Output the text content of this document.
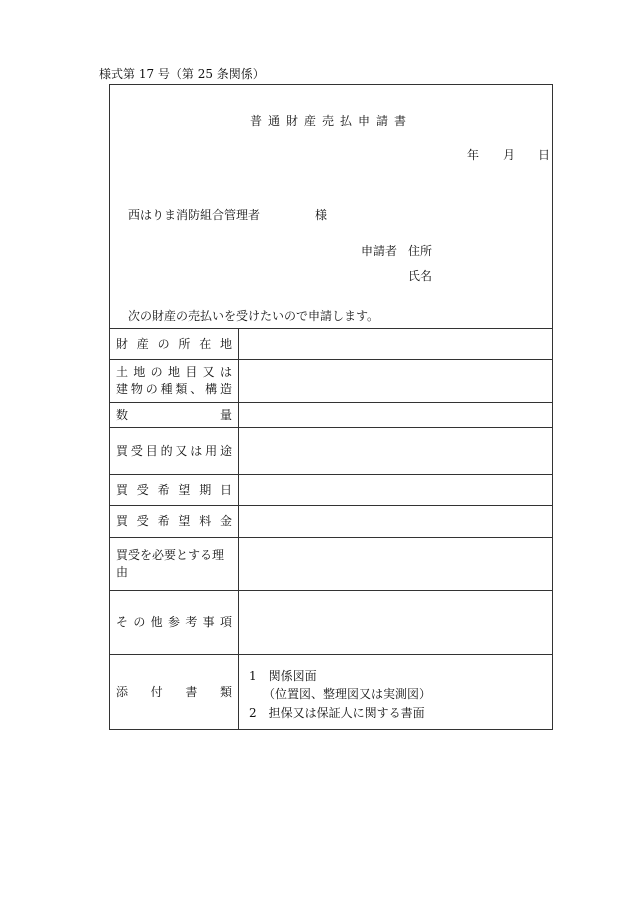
様式第 17 号（第 25 条関係）
普通財産売払申請書
年 月 日
西はりま消防組合管理者	様
申請者 住所
氏名
次の財産の売払いを受けたいので申請します。
財産の所在地
土地の地目又は
建物の種類、構造
数量
買受目的又は用途
買受希望期日
買受希望料金
買受を必要とする理由
その他参考事項
添付書類
1　関係図面
（位置図、整理図又は実測図）
2　担保又は保証人に関する書面
